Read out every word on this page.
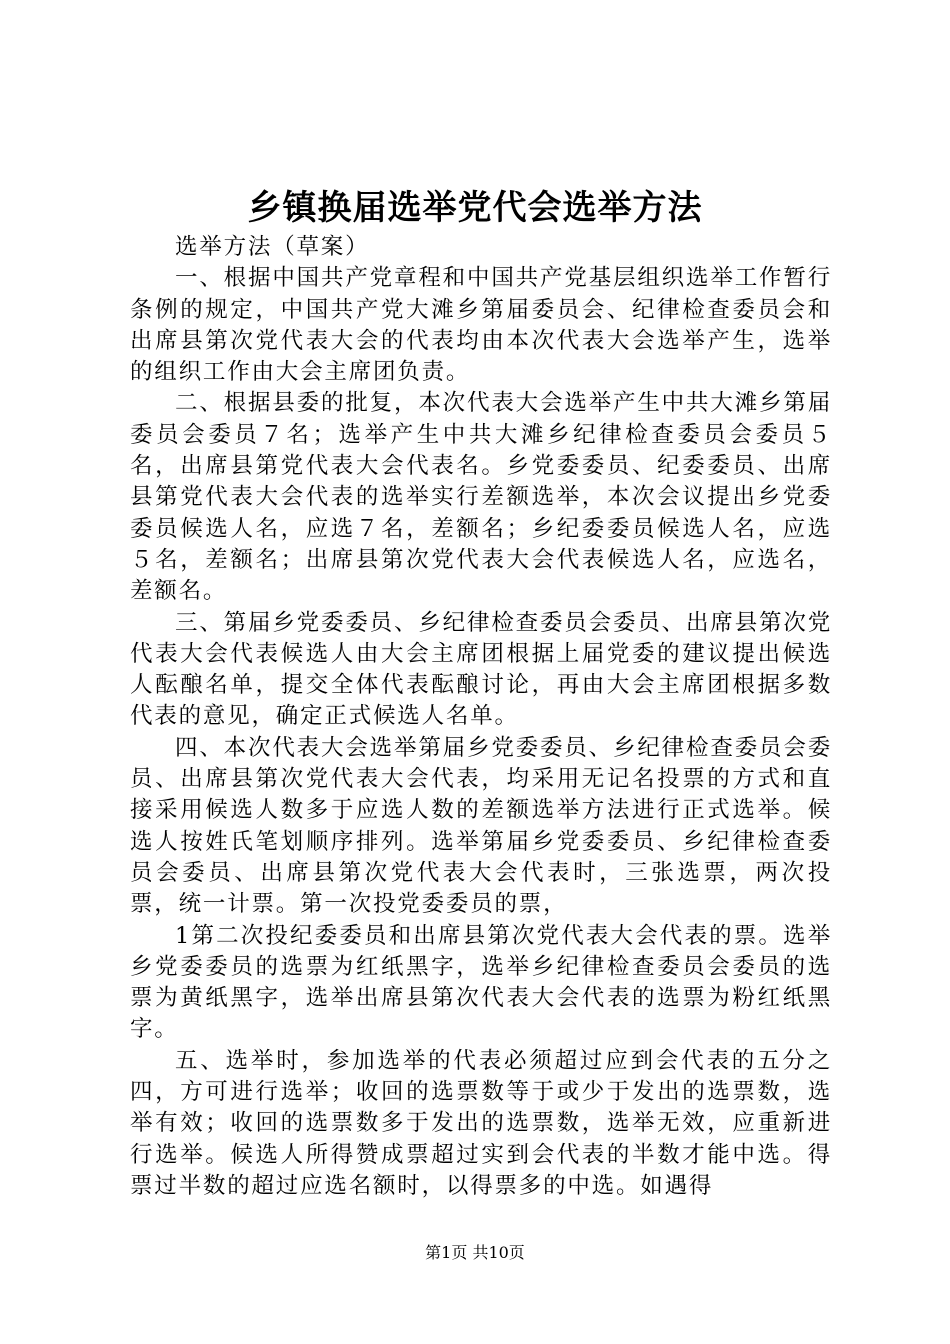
乡镇换届选举党代会选举方法

选举方法（草案）

一、根据中国共产党章程和中国共产党基层组织选举工作暂行条例的规定，中国共产党大滩乡第届委员会、纪律检查委员会和出席县第次党代表大会的代表均由本次代表大会选举产生，选举的组织工作由大会主席团负责。

二、根据县委的批复，本次代表大会选举产生中共大滩乡第届委员会委员７名；选举产生中共大滩乡纪律检查委员会委员５名，出席县第党代表大会代表名。乡党委委员、纪委委员、出席县第党代表大会代表的选举实行差额选举，本次会议提出乡党委委员候选人名，应选７名，差额名；乡纪委委员候选人名，应选５名，差额名；出席县第次党代表大会代表候选人名，应选名，差额名。

三、第届乡党委委员、乡纪律检查委员会委员、出席县第次党代表大会代表候选人由大会主席团根据上届党委的建议提出候选人酝酿名单，提交全体代表酝酿讨论，再由大会主席团根据多数代表的意见，确定正式候选人名单。

四、本次代表大会选举第届乡党委委员、乡纪律检查委员会委员、出席县第次党代表大会代表，均采用无记名投票的方式和直接采用候选人数多于应选人数的差额选举方法进行正式选举。候选人按姓氏笔划顺序排列。选举第届乡党委委员、乡纪律检查委员会委员、出席县第次党代表大会代表时，三张选票，两次投票，统一计票。第一次投党委委员的票，

1第二次投纪委委员和出席县第次党代表大会代表的票。选举乡党委委员的选票为红纸黑字，选举乡纪律检查委员会委员的选票为黄纸黑字，选举出席县第次代表大会代表的选票为粉红纸黑字。

五、选举时，参加选举的代表必须超过应到会代表的五分之四，方可进行选举；收回的选票数等于或少于发出的选票数，选举有效；收回的选票数多于发出的选票数，选举无效，应重新进行选举。候选人所得赞成票超过实到会代表的半数才能中选。得票过半数的超过应选名额时，以得票多的中选。如遇得

第1页 共10页
